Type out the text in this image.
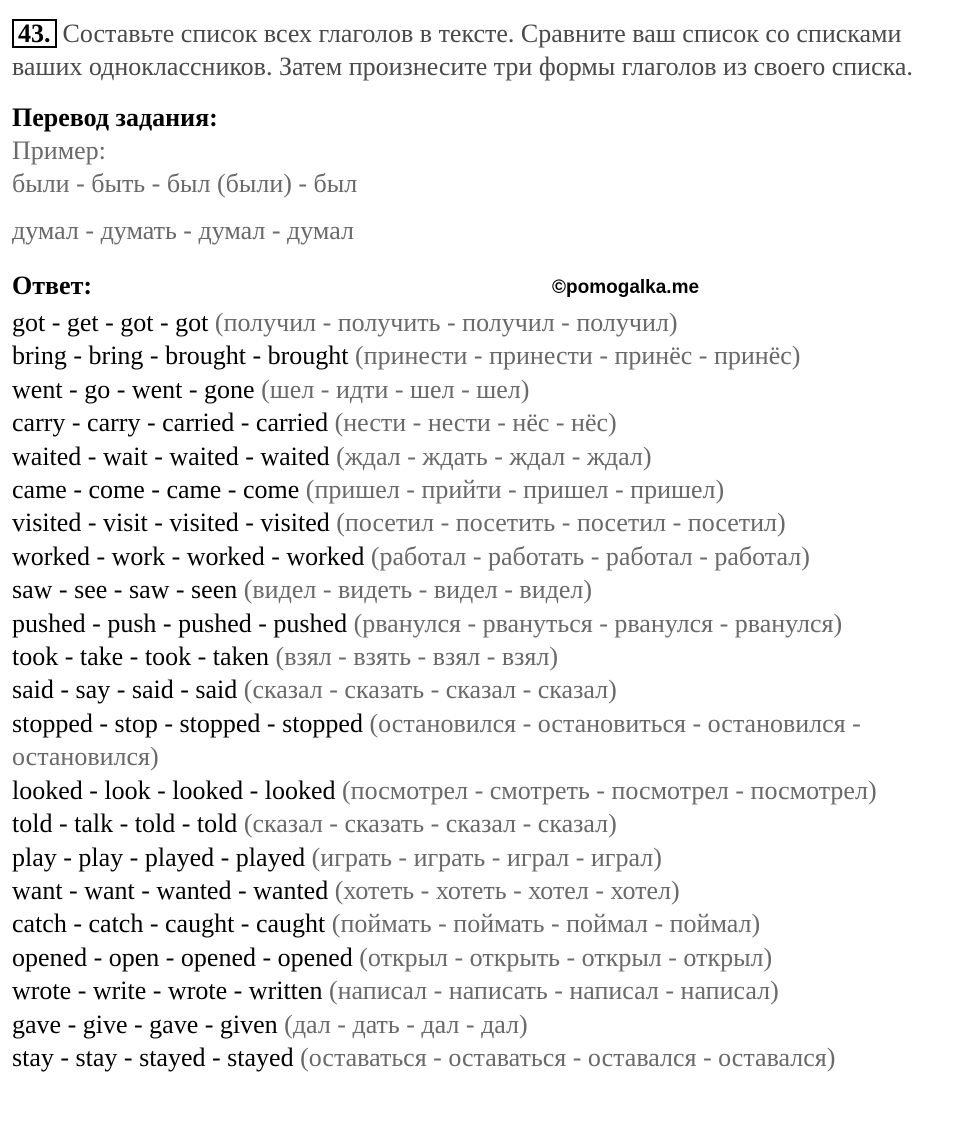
43. Составьте список всех глаголов в тексте. Сравните ваш список со списками ваших одноклассников. Затем произнесите три формы глаголов из своего списка.
Перевод задания:
Пример:
были - быть - был (были) - был
думал - думать - думал - думал
Ответ:	©pomogalka.me
got - get - got - got (получил - получить - получил - получил)
bring - bring - brought - brought (принести - принести - принёс - принёс)
went - go - went - gone (шел - идти - шел - шел)
carry - carry - carried - carried (нести - нести - нёс - нёс)
waited - wait - waited - waited (ждал - ждать - ждал - ждал)
came - come - came - come (пришел - прийти - пришел - пришел)
visited - visit - visited - visited (посетил - посетить - посетил - посетил)
worked - work - worked - worked (работал - работать - работал - работал)
saw - see - saw - seen (видел - видеть - видел - видел)
pushed - push - pushed - pushed (рванулся - рвануться - рванулся - рванулся)
took - take - took - taken (взял - взять - взял - взял)
said - say - said - said (сказал - сказать - сказал - сказал)
stopped - stop - stopped - stopped (остановился - остановиться - остановился - остановился)
looked - look - looked - looked (посмотрел - смотреть - посмотрел - посмотрел)
told - talk - told - told (сказал - сказать - сказал - сказал)
play - play - played - played (играть - играть - играл - играл)
want - want - wanted - wanted (хотеть - хотеть - хотел - хотел)
catch - catch - caught - caught (поймать - поймать - поймал - поймал)
opened - open - opened - opened (открыл - открыть - открыл - открыл)
wrote - write - wrote - written (написал - написать - написал - написал)
gave - give - gave - given (дал - дать - дал - дал)
stay - stay - stayed - stayed (оставаться - оставаться - оставался - оставался)
